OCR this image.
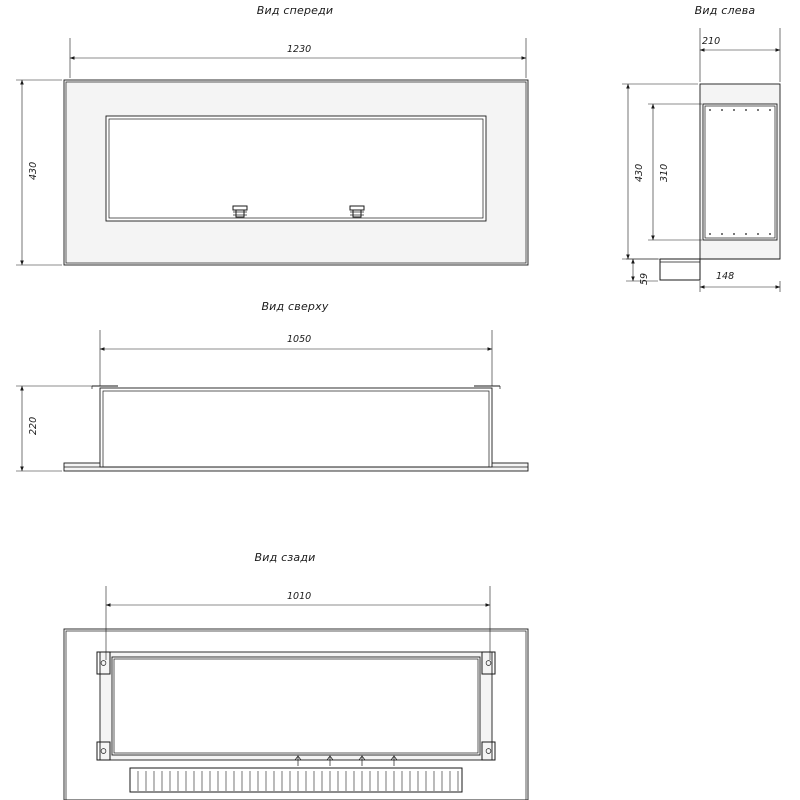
Вид спереди	Вид слева
Вид сверху
Вид сзади
1230
430
210
430 310
59	148
1050
220
1010
